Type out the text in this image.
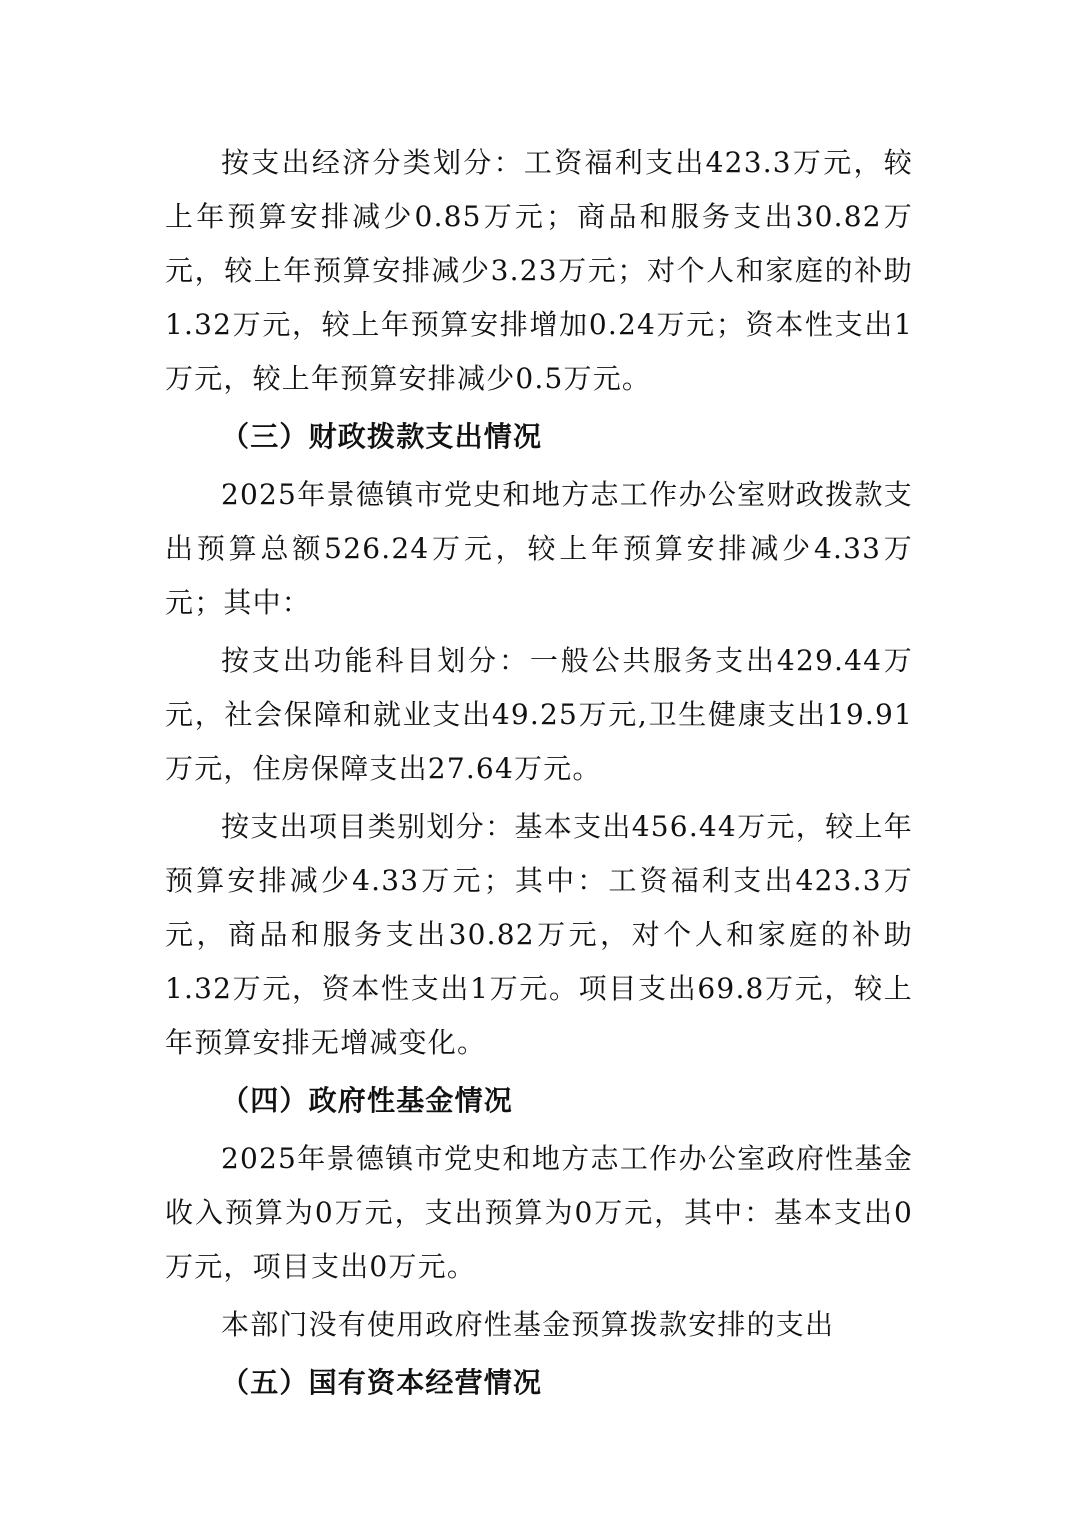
按支出经济分类划分：工资福利支出423.3万元，较上年预算安排减少0.85万元；商品和服务支出30.82万元，较上年预算安排减少3.23万元；对个人和家庭的补助1.32万元，较上年预算安排增加0.24万元；资本性支出1万元，较上年预算安排减少0.5万元。

（三）财政拨款支出情况

2025年景德镇市党史和地方志工作办公室财政拨款支出预算总额526.24万元，较上年预算安排减少4.33万元；其中：

按支出功能科目划分：一般公共服务支出429.44万元，社会保障和就业支出49.25万元,卫生健康支出19.91万元，住房保障支出27.64万元。

按支出项目类别划分：基本支出456.44万元，较上年预算安排减少4.33万元；其中：工资福利支出423.3万元，商品和服务支出30.82万元，对个人和家庭的补助1.32万元，资本性支出1万元。项目支出69.8万元，较上年预算安排无增减变化。

（四）政府性基金情况

2025年景德镇市党史和地方志工作办公室政府性基金收入预算为0万元，支出预算为0万元，其中：基本支出0万元，项目支出0万元。

本部门没有使用政府性基金预算拨款安排的支出

（五）国有资本经营情况
